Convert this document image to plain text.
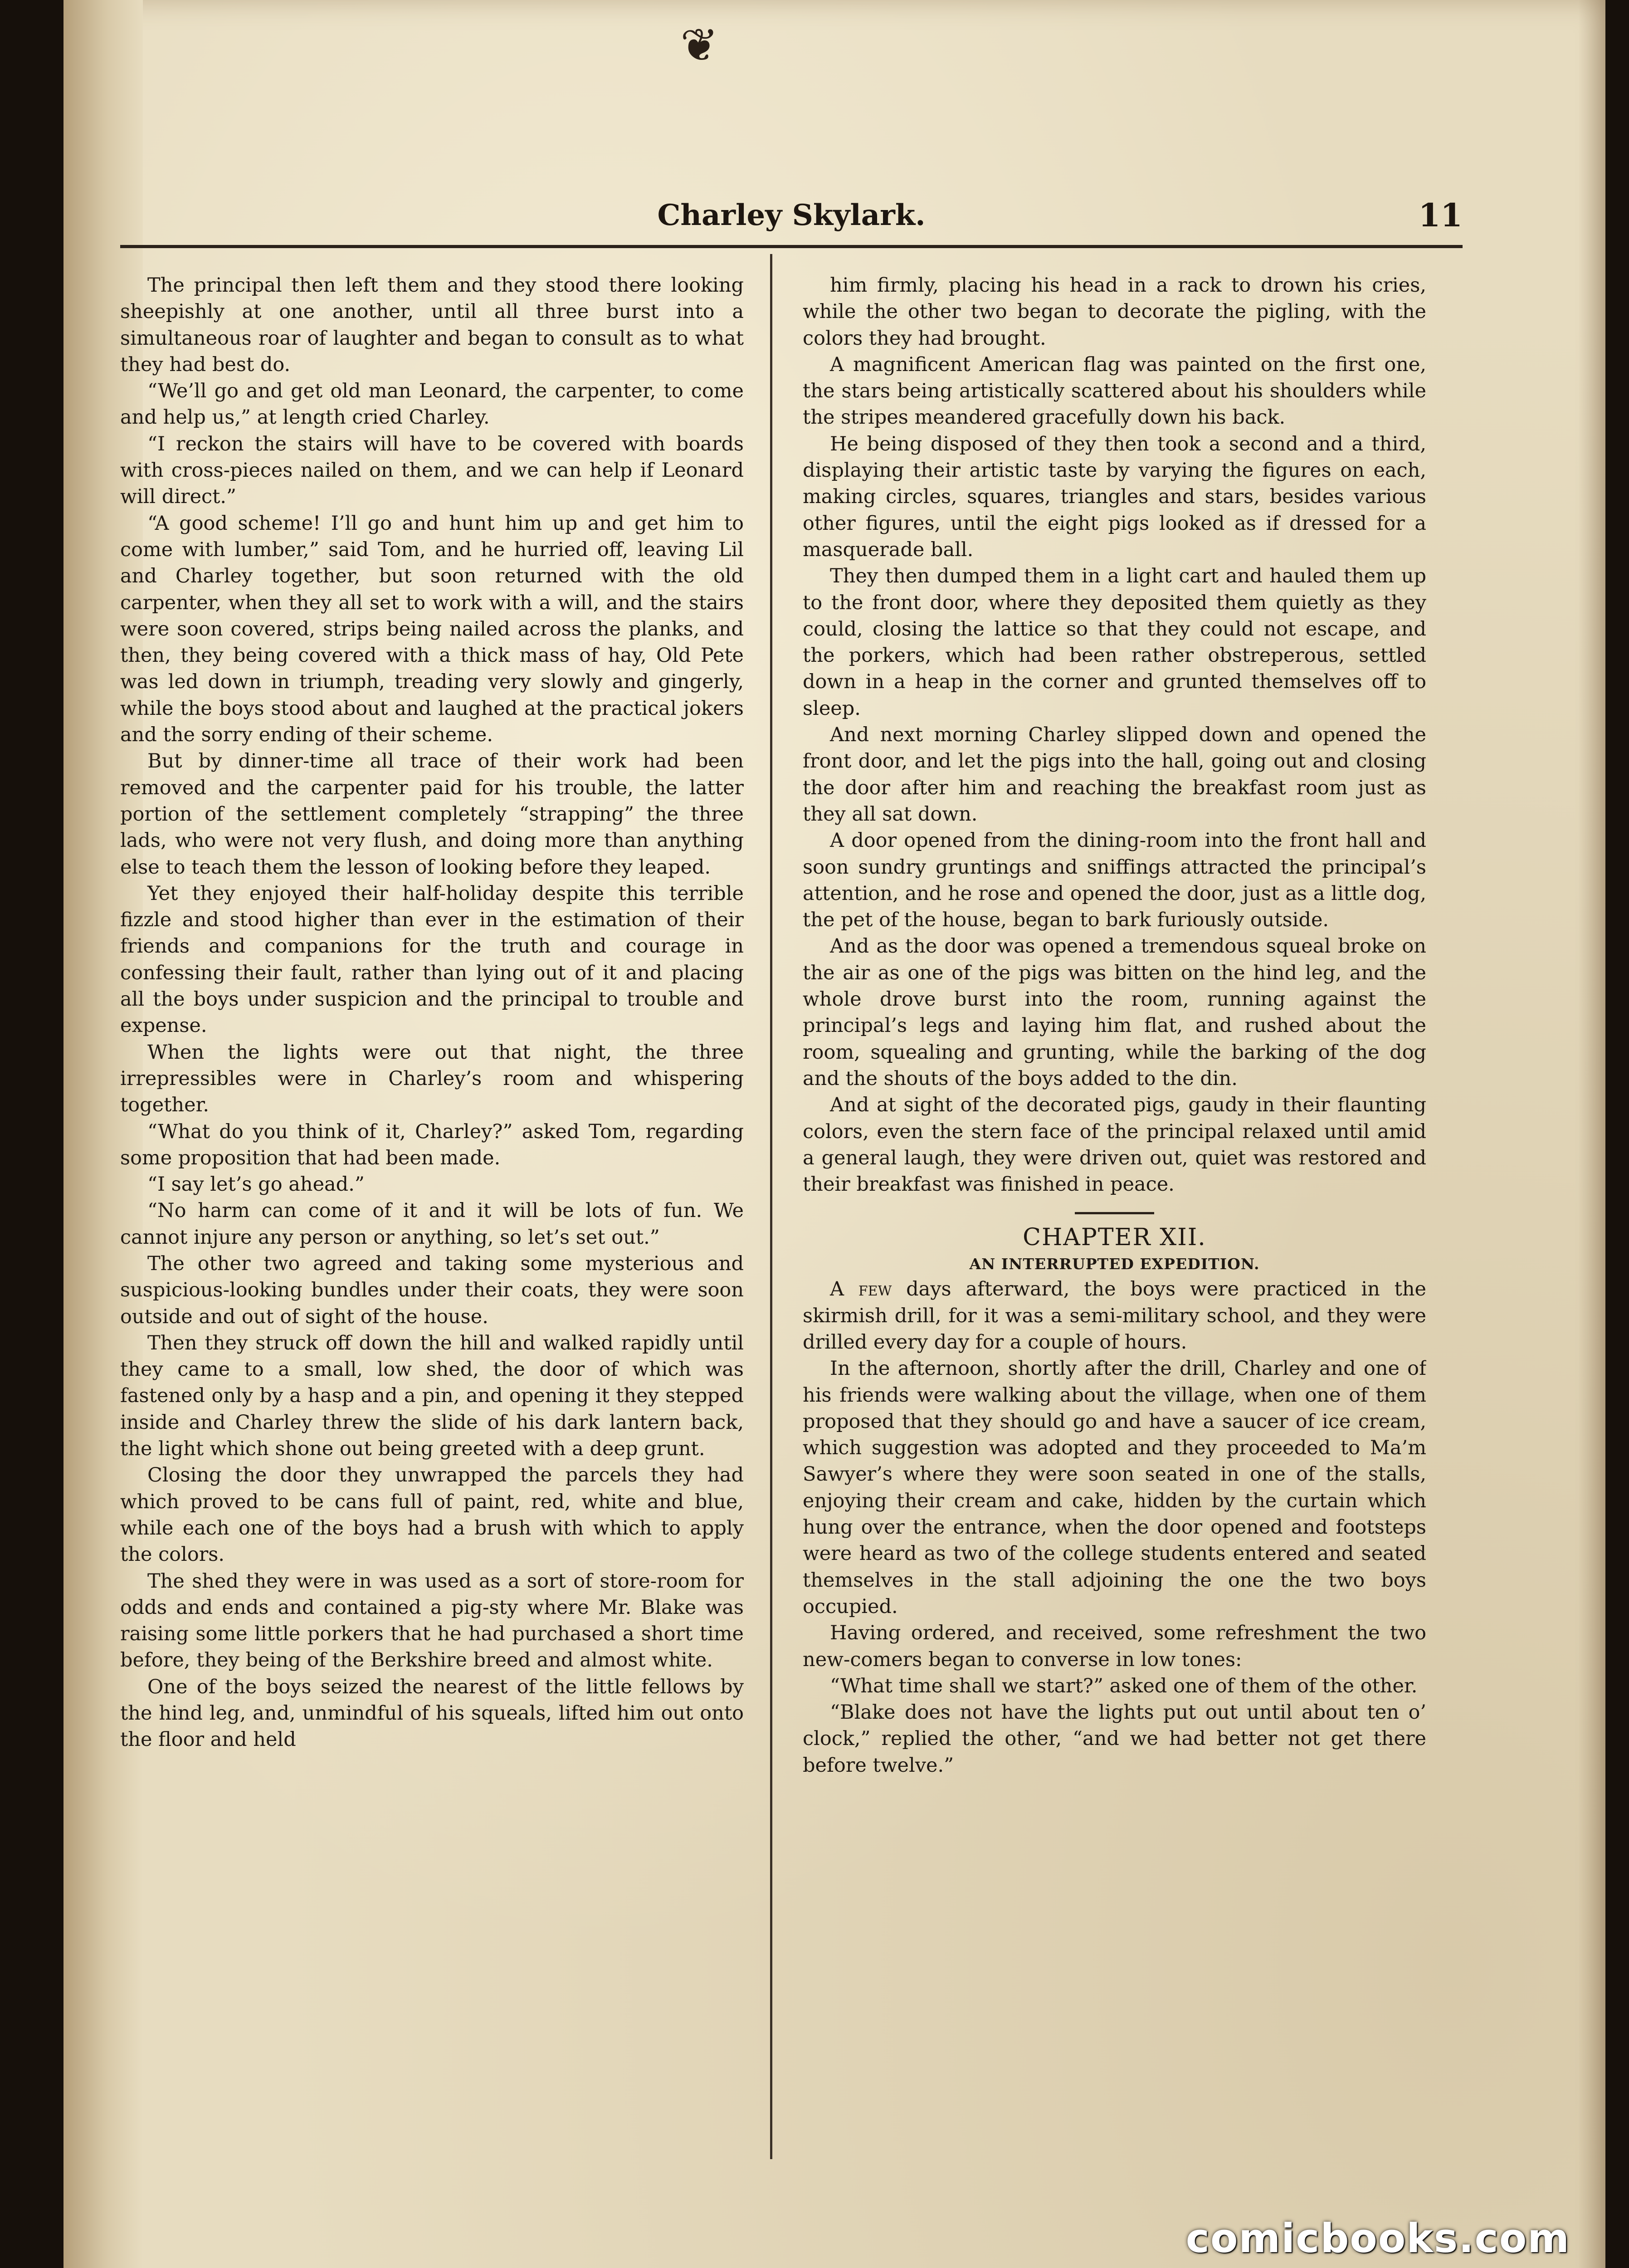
❦
Charley Skylark.	11

The principal then left them and they stood there looking sheepishly at one another, until all three burst into a simultaneous roar of laughter and began to consult as to what they had best do.

“We’ll go and get old man Leonard, the carpenter, to come and help us,” at length cried Charley.

“I reckon the stairs will have to be covered with boards with cross-pieces nailed on them, and we can help if Leonard will direct.”

“A good scheme! I’ll go and hunt him up and get him to come with lumber,” said Tom, and he hurried off, leaving Lil and Charley together, but soon returned with the old carpenter, when they all set to work with a will, and the stairs were soon covered, strips being nailed across the planks, and then, they being covered with a thick mass of hay, Old Pete was led down in triumph, treading very slowly and gingerly, while the boys stood about and laughed at the practical jokers and the sorry ending of their scheme.

But by dinner-time all trace of their work had been removed and the carpenter paid for his trouble, the latter portion of the settlement completely “strapping” the three lads, who were not very flush, and doing more than anything else to teach them the lesson of looking before they leaped.

Yet they enjoyed their half-holiday despite this terrible fizzle and stood higher than ever in the estimation of their friends and companions for the truth and courage in confessing their fault, rather than lying out of it and placing all the boys under suspicion and the principal to trouble and expense.

When the lights were out that night, the three irrepressibles were in Charley’s room and whispering together.

“What do you think of it, Charley?” asked Tom, regarding some proposition that had been made.

“I say let’s go ahead.”

“No harm can come of it and it will be lots of fun. We cannot injure any person or anything, so let’s set out.”

The other two agreed and taking some mysterious and suspicious-looking bundles under their coats, they were soon outside and out of sight of the house.

Then they struck off down the hill and walked rapidly until they came to a small, low shed, the door of which was fastened only by a hasp and a pin, and opening it they stepped inside and Charley threw the slide of his dark lantern back, the light which shone out being greeted with a deep grunt.

Closing the door they unwrapped the parcels they had which proved to be cans full of paint, red, white and blue, while each one of the boys had a brush with which to apply the colors.

The shed they were in was used as a sort of store-room for odds and ends and contained a pig-sty where Mr. Blake was raising some little porkers that he had purchased a short time before, they being of the Berkshire breed and almost white.

One of the boys seized the nearest of the little fellows by the hind leg, and, unmindful of his squeals, lifted him out onto the floor and held

him firmly, placing his head in a rack to drown his cries, while the other two began to decorate the pigling, with the colors they had brought.

A magnificent American flag was painted on the first one, the stars being artistically scattered about his shoulders while the stripes meandered gracefully down his back.

He being disposed of they then took a second and a third, displaying their artistic taste by varying the figures on each, making circles, squares, triangles and stars, besides various other figures, until the eight pigs looked as if dressed for a masquerade ball.

They then dumped them in a light cart and hauled them up to the front door, where they deposited them quietly as they could, closing the lattice so that they could not escape, and the porkers, which had been rather obstreperous, settled down in a heap in the corner and grunted themselves off to sleep.

And next morning Charley slipped down and opened the front door, and let the pigs into the hall, going out and closing the door after him and reaching the breakfast room just as they all sat down.

A door opened from the dining-room into the front hall and soon sundry gruntings and sniffings attracted the principal’s attention, and he rose and opened the door, just as a little dog, the pet of the house, began to bark furiously outside.

And as the door was opened a tremendous squeal broke on the air as one of the pigs was bitten on the hind leg, and the whole drove burst into the room, running against the principal’s legs and laying him flat, and rushed about the room, squealing and grunting, while the barking of the dog and the shouts of the boys added to the din.

And at sight of the decorated pigs, gaudy in their flaunting colors, even the stern face of the principal relaxed until amid a general laugh, they were driven out, quiet was restored and their breakfast was finished in peace.

CHAPTER XII.
AN INTERRUPTED EXPEDITION.

A few days afterward, the boys were practiced in the skirmish drill, for it was a semi-military school, and they were drilled every day for a couple of hours.

In the afternoon, shortly after the drill, Charley and one of his friends were walking about the village, when one of them proposed that they should go and have a saucer of ice cream, which suggestion was adopted and they proceeded to Ma’m Sawyer’s where they were soon seated in one of the stalls, enjoying their cream and cake, hidden by the curtain which hung over the entrance, when the door opened and footsteps were heard as two of the college students entered and seated themselves in the stall adjoining the one the two boys occupied.

Having ordered, and received, some refreshment the two new-comers began to converse in low tones:

“What time shall we start?” asked one of them of the other.

“Blake does not have the lights put out until about ten o’ clock,” replied the other, “and we had better not get there before twelve.”

comicbooks.com
